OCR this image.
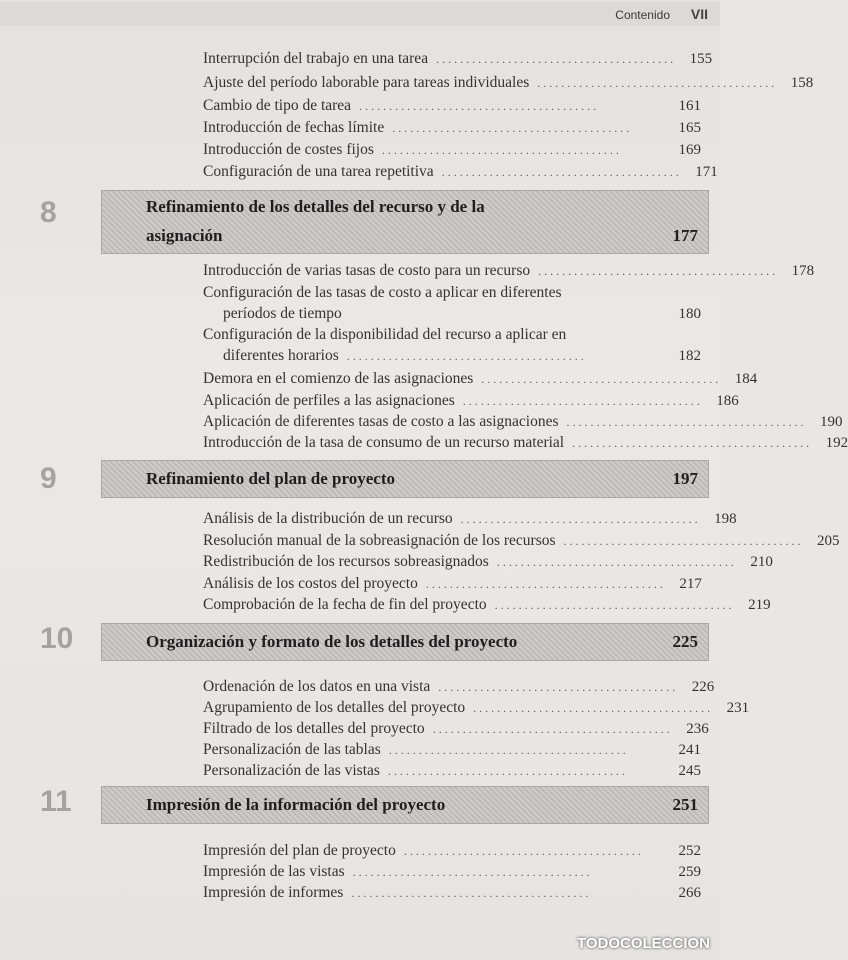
Contenido VII
Interrupción del trabajo en una tarea ........................................ 155
Ajuste del período laborable para tareas individuales ........................................ 158
Cambio de tipo de tarea ........................................	161
Introducción de fechas límite ........................................	165
Introducción de costes fijos ........................................	169
Configuración de una tarea repetitiva ........................................ 171
8	Refinamiento de los detalles del recurso y de la
asignación	177
Introducción de varias tasas de costo para un recurso ........................................ 178
Configuración de las tasas de costo a aplicar en diferentes
períodos de tiempo	180
Configuración de la disponibilidad del recurso a aplicar en
diferentes horarios ........................................	182
Demora en el comienzo de las asignaciones ........................................ 184
Aplicación de perfiles a las asignaciones ........................................ 186
Aplicación de diferentes tasas de costo a las asignaciones ........................................ 190
Introducción de la tasa de consumo de un recurso material ........................................ 192
9	Refinamiento del plan de proyecto	197
Análisis de la distribución de un recurso ........................................ 198
Resolución manual de la sobreasignación de los recursos ........................................ 205
Redistribución de los recursos sobreasignados ........................................ 210
Análisis de los costos del proyecto ........................................ 217
Comprobación de la fecha de fin del proyecto ........................................ 219
10	Organización y formato de los detalles del proyecto	225
Ordenación de los datos en una vista ........................................ 226
Agrupamiento de los detalles del proyecto ........................................ 231
Filtrado de los detalles del proyecto ........................................ 236
Personalización de las tablas ........................................	241
Personalización de las vistas ........................................	245
11	Impresión de la información del proyecto	251
Impresión del plan de proyecto ........................................	252
Impresión de las vistas ........................................	259
Impresión de informes ........................................	266
TODOCOLECCION
